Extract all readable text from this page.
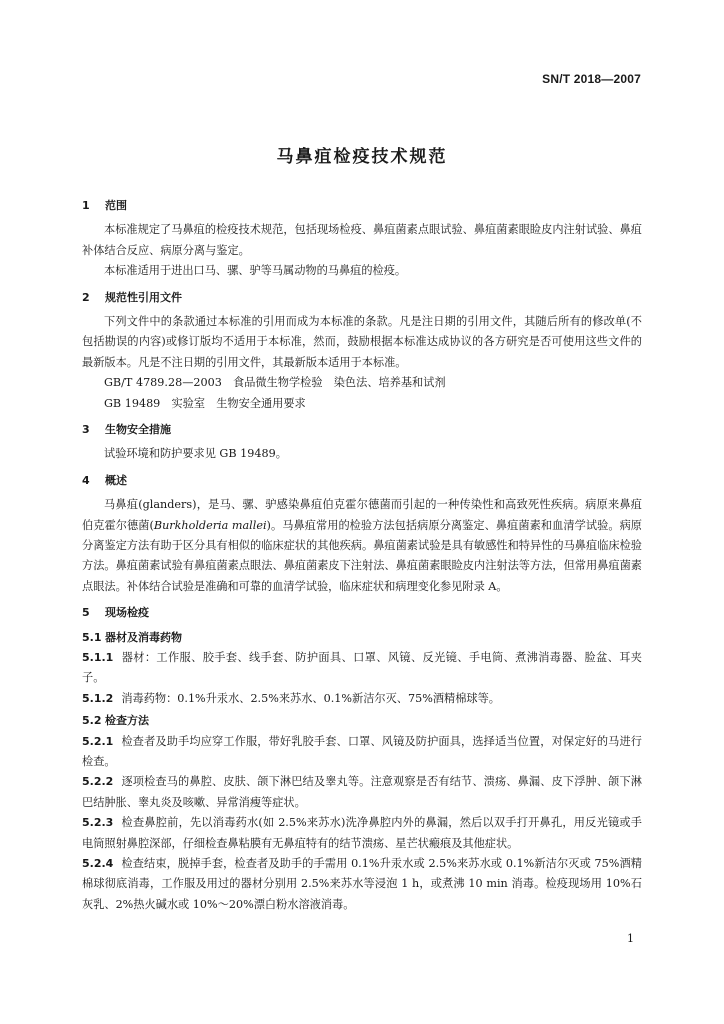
SN/T 2018—2007
马鼻疽检疫技术规范
1 范围

本标准规定了马鼻疽的检疫技术规范，包括现场检疫、鼻疽菌素点眼试验、鼻疽菌素眼睑皮内注射试验、鼻疽补体结合反应、病原分离与鉴定。

本标准适用于进出口马、骡、驴等马属动物的马鼻疽的检疫。

2 规范性引用文件

下列文件中的条款通过本标准的引用而成为本标准的条款。凡是注日期的引用文件，其随后所有的修改单(不包括勘误的内容)或修订版均不适用于本标准，然而，鼓励根据本标准达成协议的各方研究是否可使用这些文件的最新版本。凡是不注日期的引用文件，其最新版本适用于本标准。

GB/T 4789.28—2003　食品微生物学检验　染色法、培养基和试剂

GB 19489　实验室　生物安全通用要求

3 生物安全措施

试验环境和防护要求见 GB 19489。

4 概述

马鼻疽(glanders)，是马、骡、驴感染鼻疽伯克霍尔德菌而引起的一种传染性和高致死性疾病。病原来鼻疽伯克霍尔德菌(Burkholderia mallei)。马鼻疽常用的检验方法包括病原分离鉴定、鼻疽菌素和血清学试验。病原分离鉴定方法有助于区分具有相似的临床症状的其他疾病。鼻疽菌素试验是具有敏感性和特异性的马鼻疽临床检验方法。鼻疽菌素试验有鼻疽菌素点眼法、鼻疽菌素皮下注射法、鼻疽菌素眼睑皮内注射法等方法，但常用鼻疽菌素点眼法。补体结合试验是准确和可靠的血清学试验，临床症状和病理变化参见附录 A。

5 现场检疫
5.1 器材及消毒药物

5.1.1 器材：工作服、胶手套、线手套、防护面具、口罩、风镜、反光镜、手电筒、煮沸消毒器、脸盆、耳夹子。

5.1.2 消毒药物：0.1%升汞水、2.5%来苏水、0.1%新洁尔灭、75%酒精棉球等。

5.2 检查方法

5.2.1 检查者及助手均应穿工作服，带好乳胶手套、口罩、风镜及防护面具，选择适当位置，对保定好的马进行检查。

5.2.2 逐项检查马的鼻腔、皮肤、颌下淋巴结及睾丸等。注意观察是否有结节、溃疡、鼻漏、皮下浮肿、颌下淋巴结肿胀、睾丸炎及咳嗽、异常消瘦等症状。

5.2.3 检查鼻腔前，先以消毒药水(如 2.5%来苏水)洗净鼻腔内外的鼻漏，然后以双手打开鼻孔，用反光镜或手电筒照射鼻腔深部，仔细检查鼻粘膜有无鼻疽特有的结节溃疡、星芒状瘢痕及其他症状。

5.2.4 检查结束，脱掉手套，检查者及助手的手需用 0.1%升汞水或 2.5%来苏水或 0.1%新洁尔灭或 75%酒精棉球彻底消毒，工作服及用过的器材分别用 2.5%来苏水等浸泡 1 h，或煮沸 10 min 消毒。检疫现场用 10%石灰乳、2%热火碱水或 10%～20%漂白粉水溶液消毒。

1
